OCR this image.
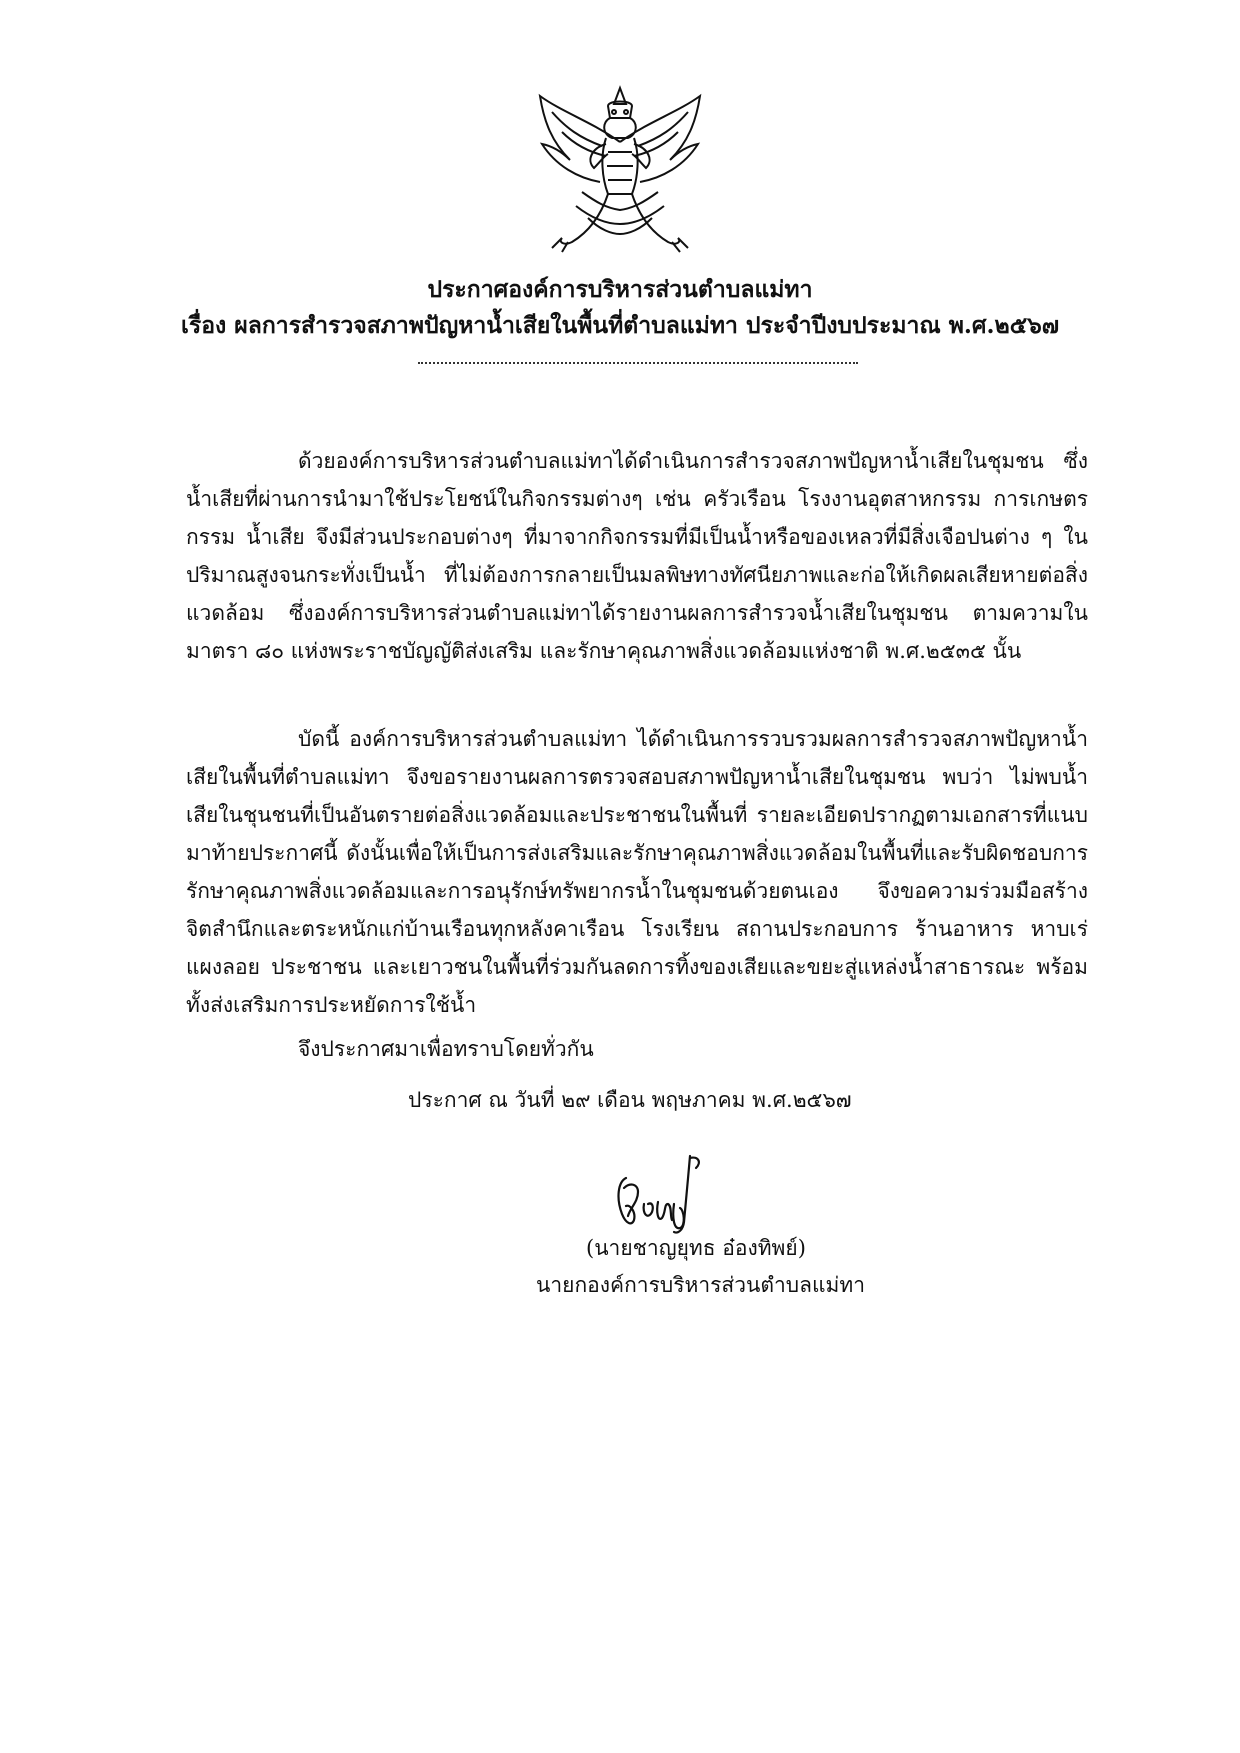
ประกาศองค์การบริหารส่วนตำบลแม่ทา
เรื่อง ผลการสำรวจสภาพปัญหาน้ำเสียในพื้นที่ตำบลแม่ทา ประจำปีงบประมาณ พ.ศ.๒๕๖๗

ด้วยองค์การบริหารส่วนตำบลแม่ทาได้ดำเนินการสำรวจสภาพปัญหาน้ำเสียในชุมชน ซึ่งน้ำเสียที่ผ่านการนำมาใช้ประโยชน์ในกิจกรรมต่างๆ เช่น ครัวเรือน โรงงานอุตสาหกรรม การเกษตรกรรม น้ำเสีย จึงมีส่วนประกอบต่างๆ ที่มาจากกิจกรรมที่มีเป็นน้ำหรือของเหลวที่มีสิ่งเจือปนต่าง ๆ ในปริมาณสูงจนกระทั่งเป็นน้ำ ที่ไม่ต้องการกลายเป็นมลพิษทางทัศนียภาพและก่อให้เกิดผลเสียหายต่อสิ่งแวดล้อม ซึ่งองค์การบริหารส่วนตำบลแม่ทาได้รายงานผลการสำรวจน้ำเสียในชุมชน ตามความในมาตรา ๘๐ แห่งพระราชบัญญัติส่งเสริม และรักษาคุณภาพสิ่งแวดล้อมแห่งชาติ พ.ศ.๒๕๓๕ นั้น

บัดนี้ องค์การบริหารส่วนตำบลแม่ทา ได้ดำเนินการรวบรวมผลการสำรวจสภาพปัญหาน้ำเสียในพื้นที่ตำบลแม่ทา จึงขอรายงานผลการตรวจสอบสภาพปัญหาน้ำเสียในชุมชน พบว่า ไม่พบน้ำเสียในชุนชนที่เป็นอันตรายต่อสิ่งแวดล้อมและประชาชนในพื้นที่ รายละเอียดปรากฏตามเอกสารที่แนบมาท้ายประกาศนี้ ดังนั้นเพื่อให้เป็นการส่งเสริมและรักษาคุณภาพสิ่งแวดล้อมในพื้นที่และรับผิดชอบการรักษาคุณภาพสิ่งแวดล้อมและการอนุรักษ์ทรัพยากรน้ำในชุมชนด้วยตนเอง จึงขอความร่วมมือสร้างจิตสำนึกและตระหนักแก่บ้านเรือนทุกหลังคาเรือน โรงเรียน สถานประกอบการ ร้านอาหาร หาบเร่แผงลอย ประชาชน และเยาวชนในพื้นที่ร่วมกันลดการทิ้งของเสียและขยะสู่แหล่งน้ำสาธารณะ พร้อมทั้งส่งเสริมการประหยัดการใช้น้ำ

จึงประกาศมาเพื่อทราบโดยทั่วกัน
ประกาศ ณ วันที่ ๒๙ เดือน พฤษภาคม พ.ศ.๒๕๖๗
(นายชาญยุทธ อ๋องทิพย์)
นายกองค์การบริหารส่วนตำบลแม่ทา
